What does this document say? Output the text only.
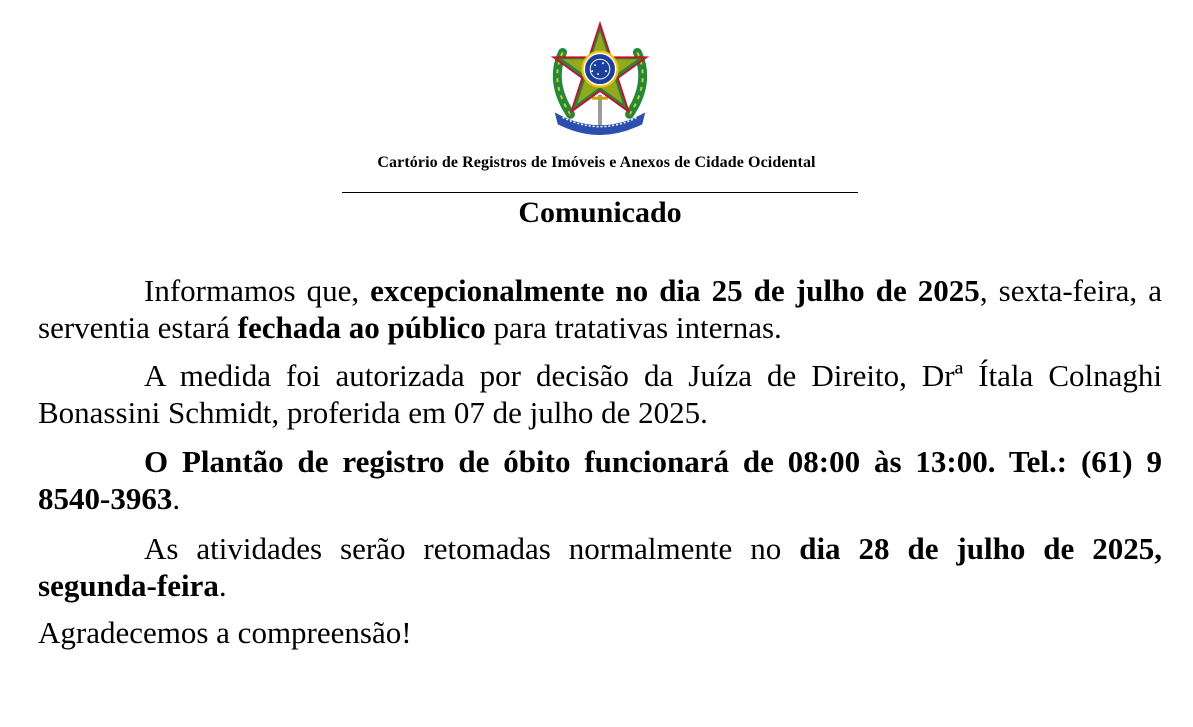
Cartório de Registros de Imóveis e Anexos de Cidade Ocidental
Comunicado

Informamos que, excepcionalmente no dia 25 de julho de 2025, sexta-feira, a serventia estará fechada ao público para tratativas internas.

A medida foi autorizada por decisão da Juíza de Direito, Drª Ítala Colnaghi Bonassini Schmidt, proferida em 07 de julho de 2025.

O Plantão de registro de óbito funcionará de 08:00 às 13:00. Tel.: (61) 9 8540-3963.

As atividades serão retomadas normalmente no dia 28 de julho de 2025, segunda-feira.

Agradecemos a compreensão!
